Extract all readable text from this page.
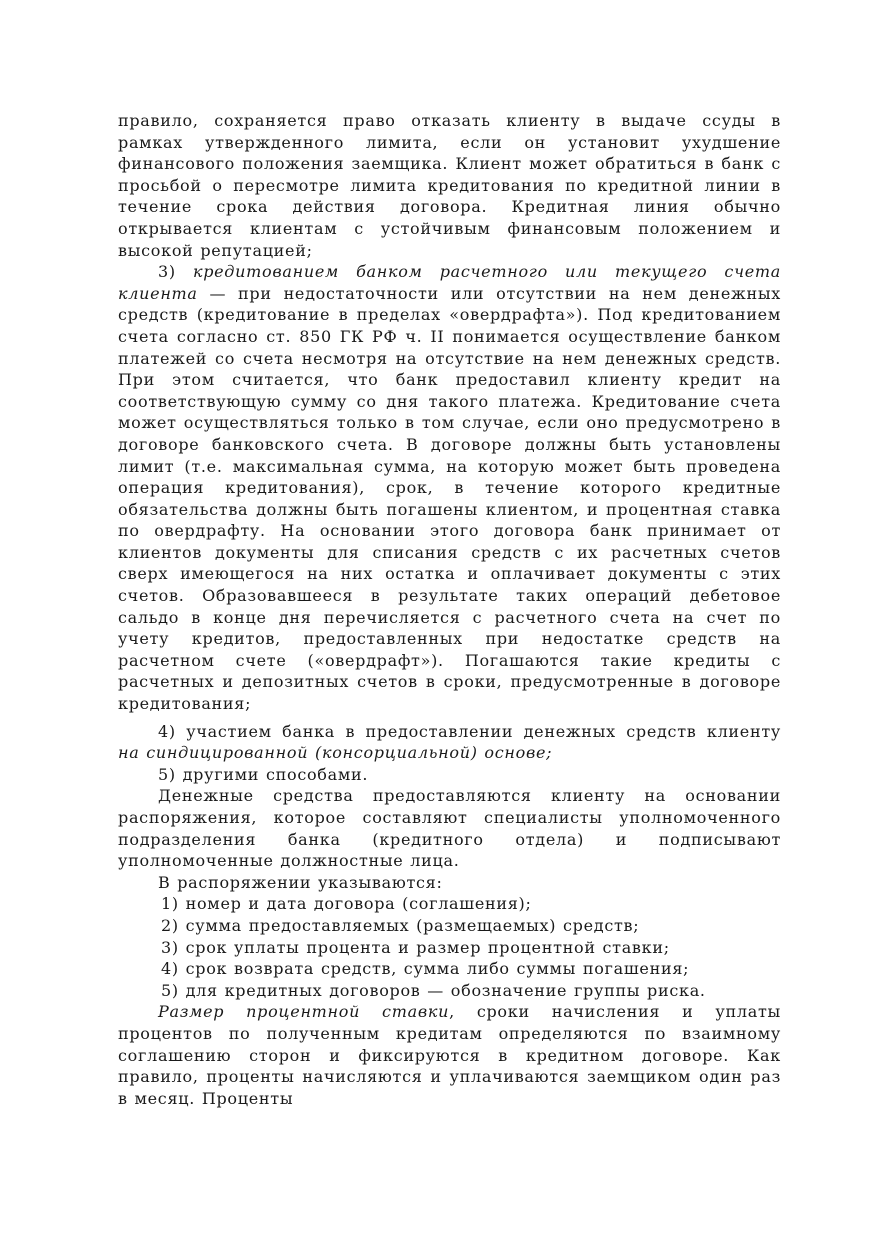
правило, сохраняется право отказать клиенту в выдаче ссуды в рамках утвержденного лимита, если он установит ухудшение финансового положения заемщика. Клиент может обратиться в банк с просьбой о пересмотре лимита кредитования по кредитной линии в течение срока действия договора. Кредитная линия обычно открывается клиентам с устойчивым финансовым положением и высокой репутацией;

3) кредитованием банком расчетного или текущего счета клиента — при недостаточности или отсутствии на нем денежных средств (кредитование в пределах «овердрафта»). Под кредитованием счета согласно ст. 850 ГК РФ ч. II понимается осуществление банком платежей со счета несмотря на отсутствие на нем денежных средств. При этом считается, что банк предоставил клиенту кредит на соответствующую сумму со дня такого платежа. Кредитование счета может осуществляться только в том случае, если оно предусмотрено в договоре банковского счета. В договоре должны быть установлены лимит (т.е. максимальная сумма, на которую может быть проведена операция кредитования), срок, в течение которого кредитные обязательства должны быть погашены клиентом, и процентная ставка по овердрафту. На основании этого договора банк принимает от клиентов документы для списания средств с их расчетных счетов сверх имеющегося на них остатка и оплачивает документы с этих счетов. Образовавшееся в результате таких операций дебетовое сальдо в конце дня перечисляется с расчетного счета на счет по учету кредитов, предоставленных при недостатке средств на расчетном счете («овердрафт»). Погашаются такие кредиты с расчетных и депозитных счетов в сроки, предусмотренные в договоре кредитования;

4) участием банка в предоставлении денежных средств клиенту на синдицированной (консорциальной) основе;

5) другими способами.

Денежные средства предоставляются клиенту на основании распоряжения, которое составляют специалисты уполномоченного подразделения банка (кредитного отдела) и подписывают уполномоченные должностные лица.

В распоряжении указываются:

1) номер и дата договора (соглашения);

2) сумма предоставляемых (размещаемых) средств;

3) срок уплаты процента и размер процентной ставки;

4) срок возврата средств, сумма либо суммы погашения;

5) для кредитных договоров — обозначение группы риска.

Размер процентной ставки, сроки начисления и уплаты процентов по полученным кредитам определяются по взаимному соглашению сторон и фиксируются в кредитном договоре. Как правило, проценты начисляются и уплачиваются заемщиком один раз в месяц. Проценты
